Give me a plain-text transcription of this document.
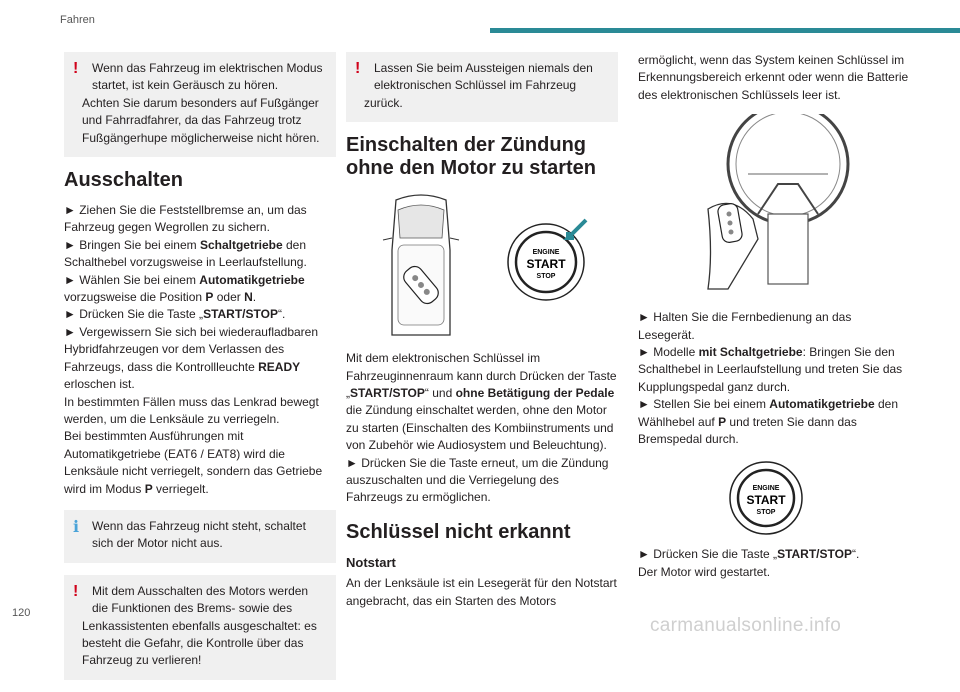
Fahren
!	Wenn das Fahrzeug im elektrischen Modus startet, ist kein Geräusch zu hören.

Achten Sie darum besonders auf Fußgänger und Fahrradfahrer, da das Fahrzeug trotz Fußgängerhupe möglicherweise nicht hören.

Ausschalten

► Ziehen Sie die Feststellbremse an, um das Fahrzeug gegen Wegrollen zu sichern.

► Bringen Sie bei einem Schaltgetriebe den Schalthebel vorzugsweise in Leerlaufstellung.

► Wählen Sie bei einem Automatikgetriebe vorzugsweise die Position P oder N.

► Drücken Sie die Taste „START/STOP“.

► Vergewissern Sie sich bei wiederaufladbaren Hybridfahrzeugen vor dem Verlassen des Fahrzeugs, dass die Kontrollleuchte READY erloschen ist.

In bestimmten Fällen muss das Lenkrad bewegt werden, um die Lenksäule zu verriegeln.

Bei bestimmten Ausführungen mit Automatikgetriebe (EAT6 / EAT8) wird die Lenksäule nicht verriegelt, sondern das Getriebe wird im Modus P verriegelt.

ℹ	Wenn das Fahrzeug nicht steht, schaltet sich der Motor nicht aus.

!	Mit dem Ausschalten des Motors werden die Funktionen des Brems- sowie des

Lenkassistenten ebenfalls ausgeschaltet: es besteht die Gefahr, die Kontrolle über das Fahrzeug zu verlieren!

!	Lassen Sie beim Aussteigen niemals den elektronischen Schlüssel im Fahrzeug

zurück.

Einschalten der Zündung ohne den Motor zu starten
ENGINE
START
STOP

Mit dem elektronischen Schlüssel im Fahrzeuginnenraum kann durch Drücken der Taste „START/STOP“ und ohne Betätigung der Pedale die Zündung einschaltet werden, ohne den Motor zu starten (Einschalten des Kombiinstruments und von Zubehör wie Audiosystem und Beleuchtung).

► Drücken Sie die Taste erneut, um die Zündung auszuschalten und die Verriegelung des Fahrzeugs zu ermöglichen.

Schlüssel nicht erkannt
Notstart

An der Lenksäule ist ein Lesegerät für den Notstart angebracht, das ein Starten des Motors

ermöglicht, wenn das System keinen Schlüssel im Erkennungsbereich erkennt oder wenn die Batterie des elektronischen Schlüssels leer ist.

► Halten Sie die Fernbedienung an das Lesegerät.

► Modelle mit Schaltgetriebe: Bringen Sie den Schalthebel in Leerlaufstellung und treten Sie das Kupplungspedal ganz durch.

► Stellen Sie bei einem Automatikgetriebe den Wählhebel auf P und treten Sie dann das Bremspedal durch.

ENGINE
START
STOP

► Drücken Sie die Taste „START/STOP“.

Der Motor wird gestartet.

120
carmanualsonline.info
